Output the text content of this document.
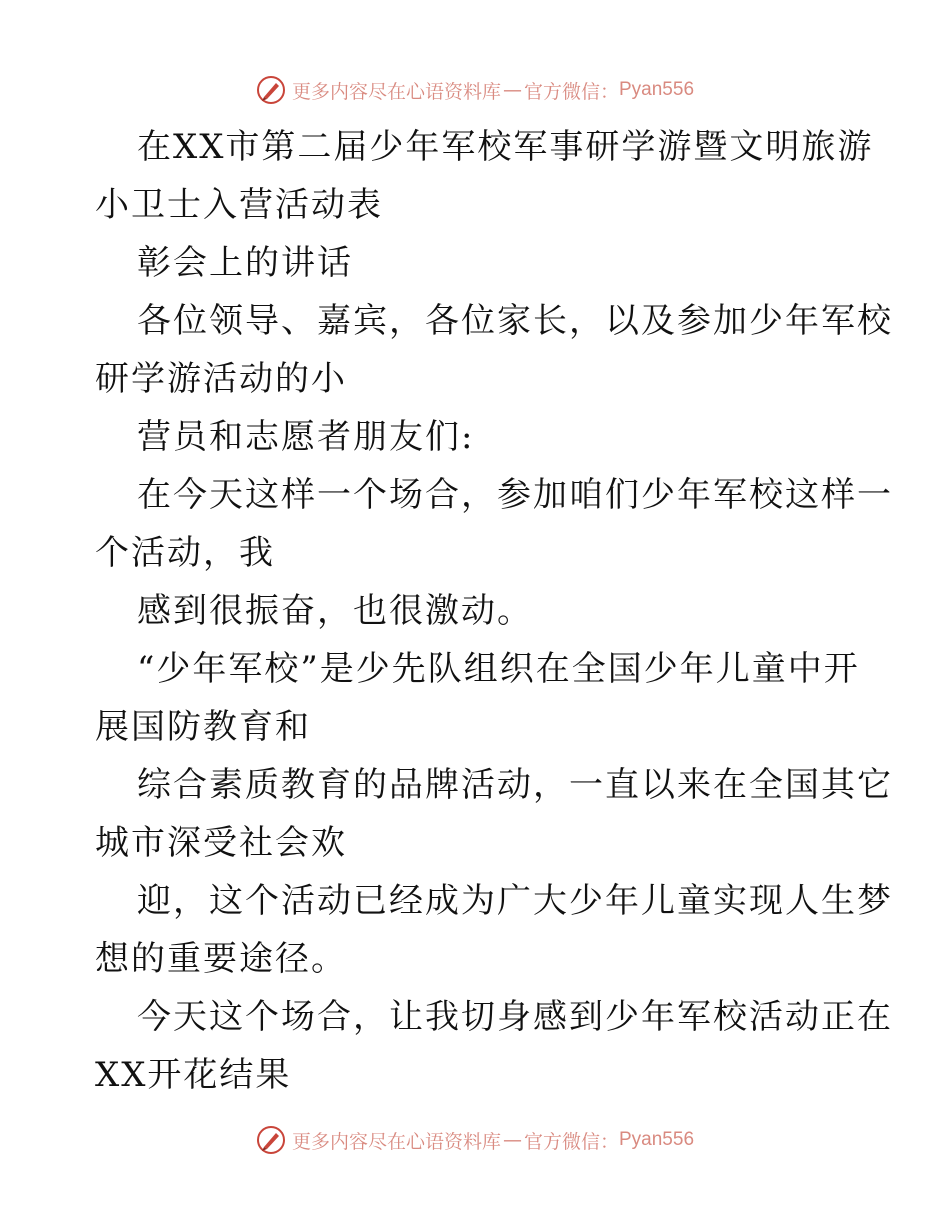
更多内容尽在心语资料库 — 官方微信： Pyan556
在XX市第二届少年军校军事研学游暨文明旅游
小卫士入营活动表
彰会上的讲话
各位领导、嘉宾，各位家长，以及参加少年军校
研学游活动的小
营员和志愿者朋友们:
在今天这样一个场合，参加咱们少年军校这样一
个活动，我
感到很振奋，也很激动。
“少年军校”是少先队组织在全国少年儿童中开
展国防教育和
综合素质教育的品牌活动，一直以来在全国其它
城市深受社会欢
迎，这个活动已经成为广大少年儿童实现人生梦
想的重要途径。
今天这个场合，让我切身感到少年军校活动正在
XX开花结果
更多内容尽在心语资料库 — 官方微信： Pyan556
